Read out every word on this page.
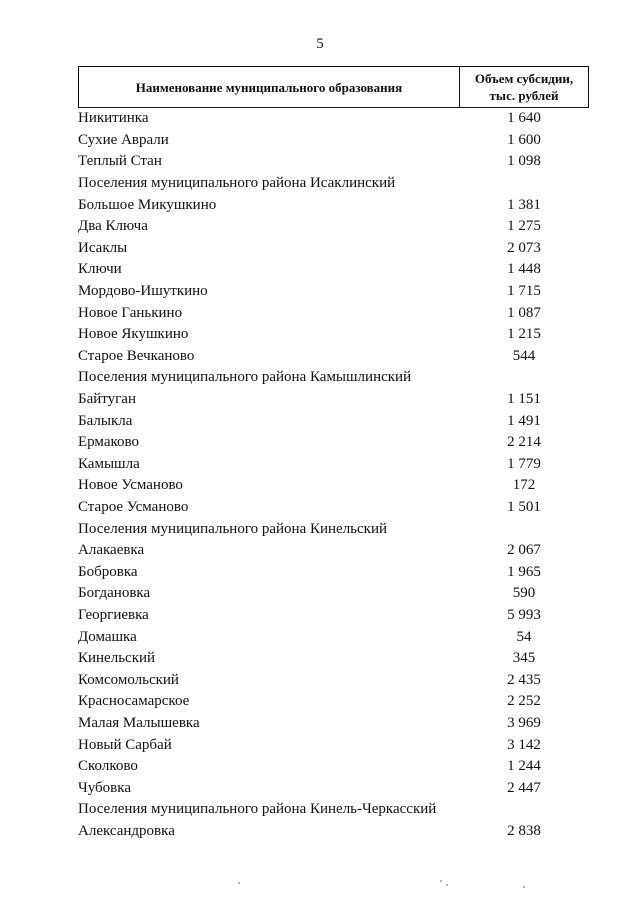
5
Наименование муниципального образования
Объем субсидии,
тыс. рублей
Никитинка	1 640
Сухие Аврали	1 600
Теплый Стан	1 098
Поселения муниципального района Исаклинский
Большое Микушкино	1 381
Два Ключа	1 275
Исаклы	2 073
Ключи	1 448
Мордово-Ишуткино	1 715
Новое Ганькино	1 087
Новое Якушкино	1 215
Старое Вечканово	544
Поселения муниципального района Камышлинский
Байтуган	1 151
Балыкла	1 491
Ермаково	2 214
Камышла	1 779
Новое Усманово	172
Старое Усманово	1 501
Поселения муниципального района Кинельский
Алакаевка	2 067
Бобровка	1 965
Богдановка	590
Георгиевка	5 993
Домашка	54
Кинельский	345
Комсомольский	2 435
Красносамарское	2 252
Малая Малышевка	3 969
Новый Сарбай	3 142
Сколково	1 244
Чубовка	2 447
Поселения муниципального района Кинель-Черкасский
Александровка	2 838
